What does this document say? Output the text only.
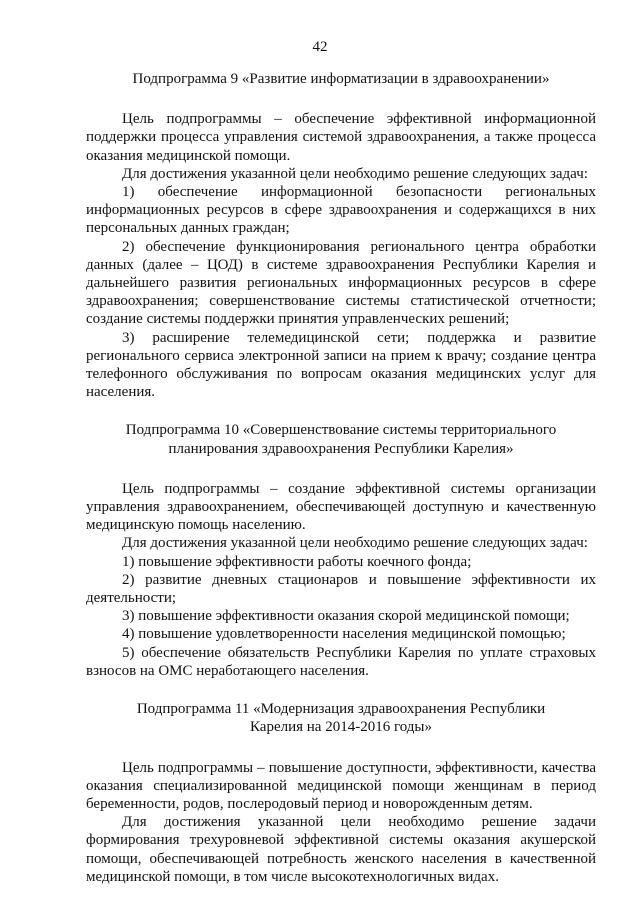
42

Подпрограмма 9 «Развитие информатизации в здравоохранении»

Цель подпрограммы – обеспечение эффективной информационной поддержки процесса управления системой здравоохранения, а также процесса оказания медицинской помощи.

Для достижения указанной цели необходимо решение следующих задач:

1) обеспечение информационной безопасности региональных информационных ресурсов в сфере здравоохранения и содержащихся в них персональных данных граждан;

2) обеспечение функционирования регионального центра обработки данных (далее – ЦОД) в системе здравоохранения Республики Карелия и дальнейшего развития региональных информационных ресурсов в сфере здравоохранения; совершенствование системы статистической отчетности; создание системы поддержки принятия управленческих решений;

3) расширение телемедицинской сети; поддержка и развитие регионального сервиса электронной записи на прием к врачу; создание центра телефонного обслуживания по вопросам оказания медицинских услуг для населения.

Подпрограмма 10 «Совершенствование системы территориального

планирования здравоохранения Республики Карелия»

Цель подпрограммы – создание эффективной системы организации управления здравоохранением, обеспечивающей доступную и качественную медицинскую помощь населению.

Для достижения указанной цели необходимо решение следующих задач:

1) повышение эффективности работы коечного фонда;

2) развитие дневных стационаров и повышение эффективности их деятельности;

3) повышение эффективности оказания скорой медицинской помощи;

4) повышение удовлетворенности населения медицинской помощью;

5) обеспечение обязательств Республики Карелия по уплате страховых взносов на ОМС неработающего населения.

Подпрограмма 11 «Модернизация здравоохранения Республики

Карелия на 2014-2016 годы»

Цель подпрограммы – повышение доступности, эффективности, качества оказания специализированной медицинской помощи женщинам в период беременности, родов, послеродовый период и новорожденным детям.

Для достижения указанной цели необходимо решение задачи формирования трехуровневой эффективной системы оказания акушерской помощи, обеспечивающей потребность женского населения в качественной медицинской помощи, в том числе высокотехнологичных видах.
